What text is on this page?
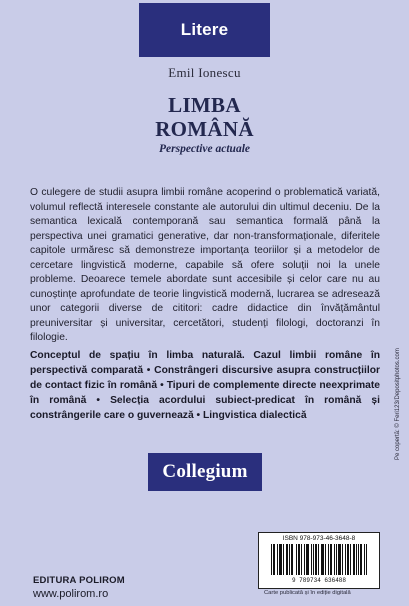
Litere
Emil Ionescu
LIMBA
ROMÂNĂ
Perspective actuale
O culegere de studii asupra limbii române acoperind o problematică variată, volumul reflectă interesele constante ale autorului din ultimul deceniu. De la semantica lexicală contemporană sau semantica formală până la perspectiva unei gramatici generative, dar non-transformaționale, diferitele capitole urmăresc să demonstreze importanța teoriilor și a metodelor de cercetare lingvistică moderne, capabile să ofere soluții noi la unele probleme. Deoarece temele abordate sunt accesibile și celor care nu au cunoștințe aprofundate de teorie lingvistică modernă, lucrarea se adresează unor categorii diverse de cititori: cadre didactice din învățământul preuniversitar și universitar, cercetători, studenți filologi, doctoranzi în filologie.
Conceptul de spațiu în limba naturală. Cazul limbii române în perspectivă comparată • Constrângeri discursive asupra construcțiilor de contact fizic în română • Tipuri de complemente directe neexprimate în română • Selecția acordului subiect-predicat în română și constrângerile care o guvernează • Lingvistica dialectică
Collegium
EDITURA POLIROM
www.polirom.ro
ISBN 978-973-46-3648-8
9 789734 636488
Carte publicată și în ediție digitală
Pe copertă: © Feri123/Depositphotos.com
